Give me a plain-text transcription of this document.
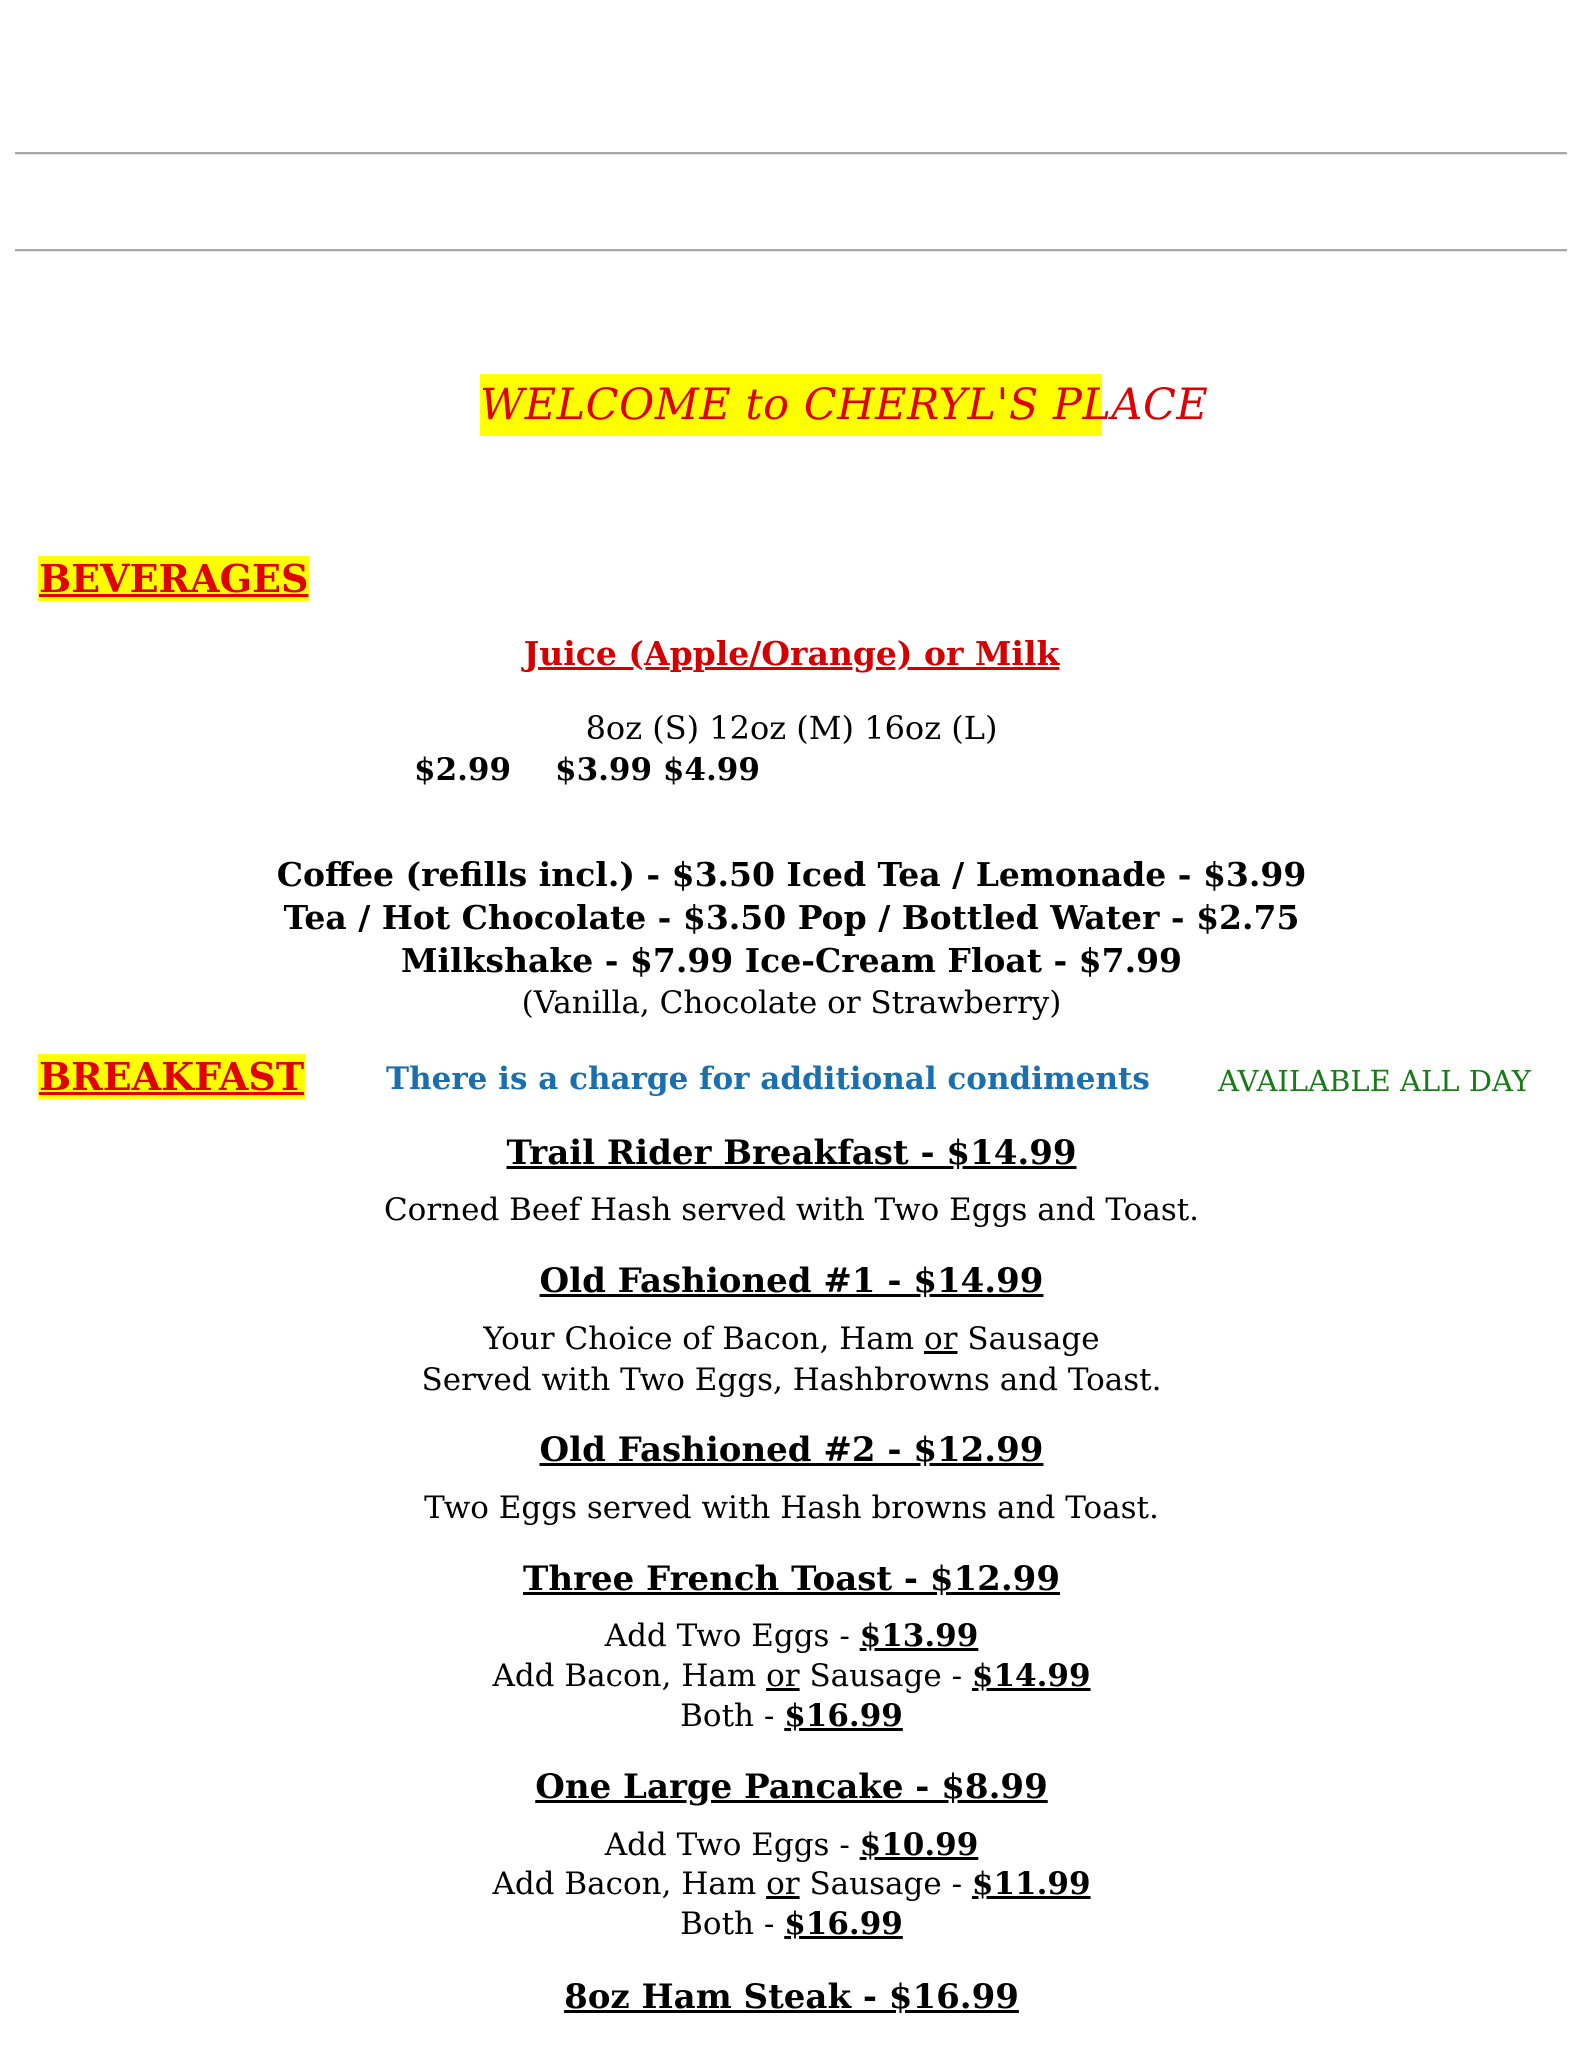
WELCOME to CHERYL'S PLACE
BEVERAGES
Juice (Apple/Orange) or Milk
8oz (S) 12oz (M) 16oz (L)
$2.99 $3.99 $4.99
Coffee (refills incl.) - $3.50 Iced Tea / Lemonade - $3.99
Tea / Hot Chocolate - $3.50 Pop / Bottled Water - $2.75
Milkshake - $7.99 Ice-Cream Float - $7.99
(Vanilla, Chocolate or Strawberry)
BREAKFAST	There is a charge for additional condiments AVAILABLE ALL DAY
Trail Rider Breakfast - $14.99
Corned Beef Hash served with Two Eggs and Toast.
Old Fashioned #1 - $14.99
Your Choice of Bacon, Ham or Sausage
Served with Two Eggs, Hashbrowns and Toast.
Old Fashioned #2 - $12.99
Two Eggs served with Hash browns and Toast.
Three French Toast - $12.99
Add Two Eggs - $13.99
Add Bacon, Ham or Sausage - $14.99
Both - $16.99
One Large Pancake - $8.99
Add Two Eggs - $10.99
Add Bacon, Ham or Sausage - $11.99
Both - $16.99
8oz Ham Steak - $16.99
